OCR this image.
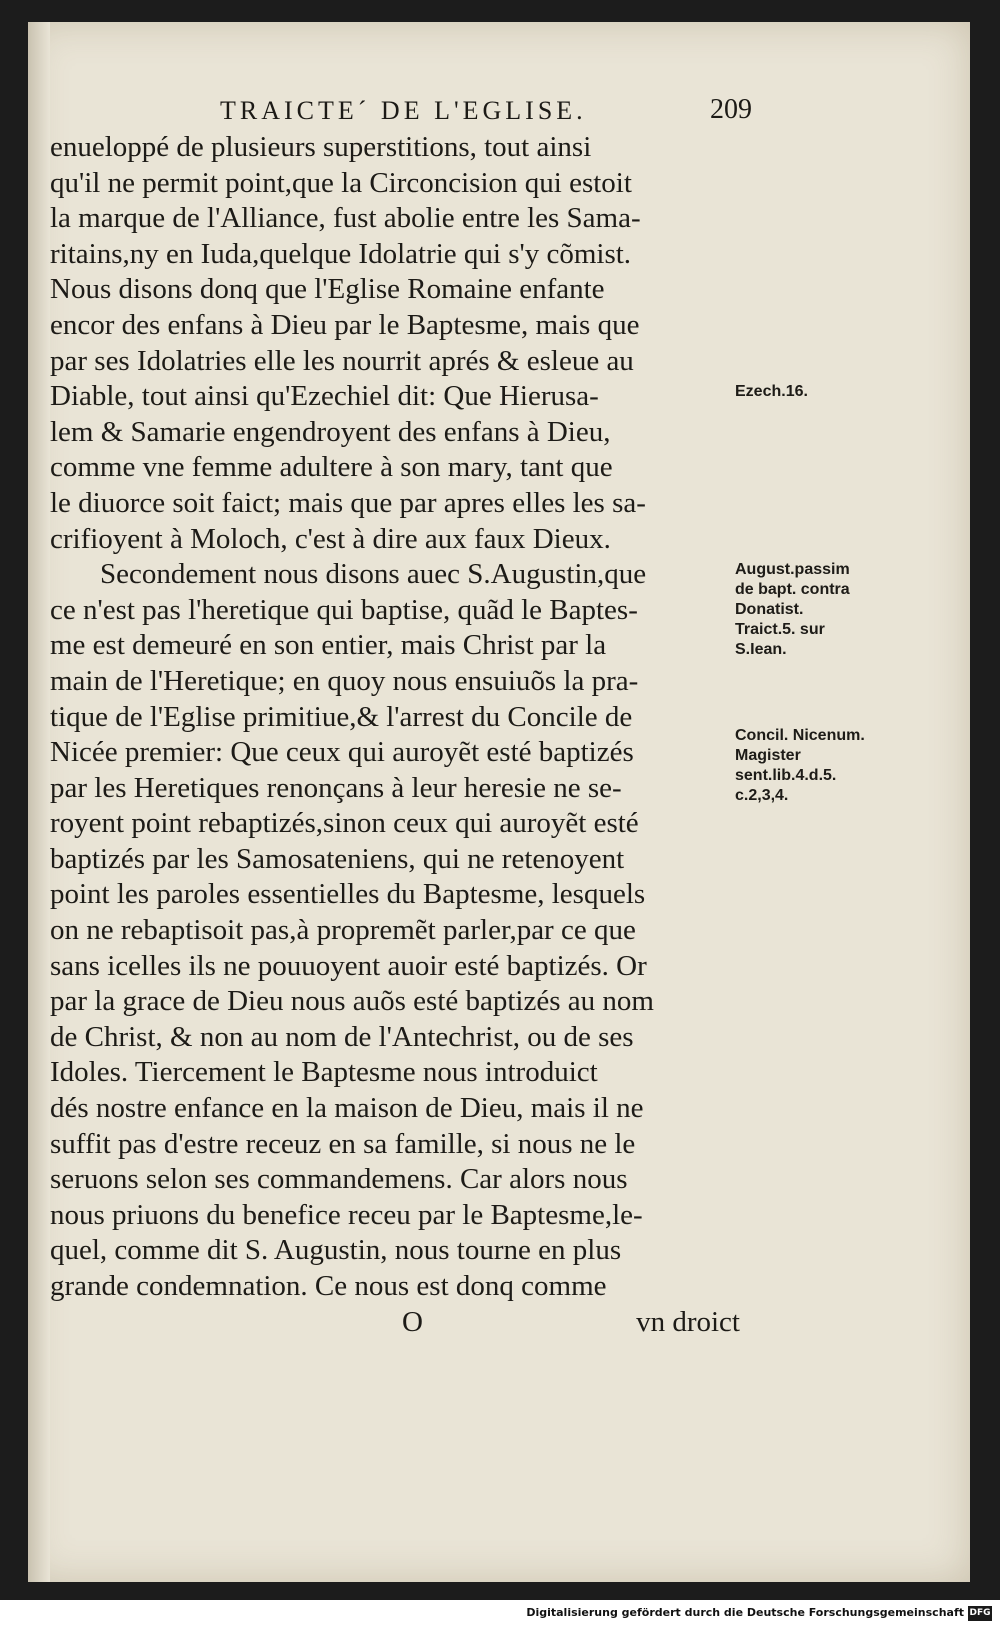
TRAICTE´ DE L'EGLISE.	209
enueloppé de plusieurs superstitions, tout ainsi
qu'il ne permit point,que la Circoncision qui estoit
la marque de l'Alliance, fust abolie entre les Sama-
ritains,ny en Iuda,quelque Idolatrie qui s'y cõmist.
Nous disons donq que l'Eglise Romaine enfante
encor des enfans à Dieu par le Baptesme, mais que
par ses Idolatries elle les nourrit aprés & esleue au
Diable, tout ainsi qu'Ezechiel dit: Que Hierusa-
lem & Samarie engendroyent des enfans à Dieu,
comme vne femme adultere à son mary, tant que
le diuorce soit faict; mais que par apres elles les sa-
crifioyent à Moloch, c'est à dire aux faux Dieux.
Secondement nous disons auec S.Augustin,que
ce n'est pas l'heretique qui baptise, quãd le Baptes-
me est demeuré en son entier, mais Christ par la
main de l'Heretique; en quoy nous ensuiuõs la pra-
tique de l'Eglise primitiue,& l'arrest du Concile de
Nicée premier: Que ceux qui auroyẽt esté baptizés
par les Heretiques renonçans à leur heresie ne se-
royent point rebaptizés,sinon ceux qui auroyẽt esté
baptizés par les Samosateniens, qui ne retenoyent
point les paroles essentielles du Baptesme, lesquels
on ne rebaptisoit pas,à propremẽt parler,par ce que
sans icelles ils ne pouuoyent auoir esté baptizés. Or
par la grace de Dieu nous auõs esté baptizés au nom
de Christ, & non au nom de l'Antechrist, ou de ses
Idoles. Tiercement le Baptesme nous introduict
dés nostre enfance en la maison de Dieu, mais il ne
suffit pas d'estre receuz en sa famille, si nous ne le
seruons selon ses commandemens. Car alors nous
nous priuons du benefice receu par le Baptesme,le-
quel, comme dit S. Augustin, nous tourne en plus
grande condemnation. Ce nous est donq comme
O	vn droict
Ezech.16.
August.passim de bapt. contra Donatist. Traict.5. sur S.Iean.
Concil. Nicenum. Magister sent.lib.4.d.5. c.2,3,4.
Digitalisierung gefördert durch die Deutsche Forschungsgemeinschaft DFG
